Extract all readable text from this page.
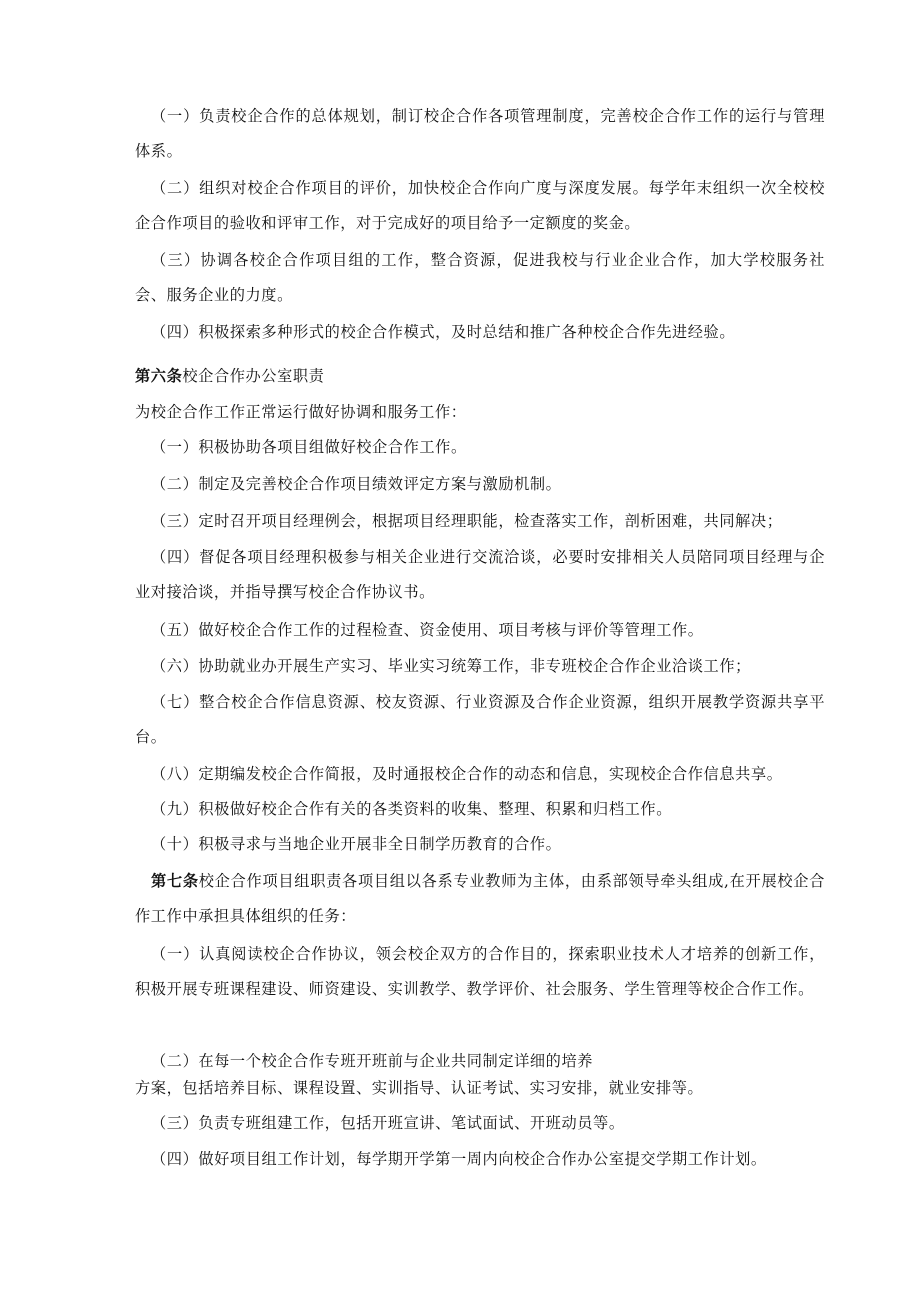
（一）负责校企合作的总体规划，制订校企合作各项管理制度，完善校企合作工作的运行与管理体系。

（二）组织对校企合作项目的评价，加快校企合作向广度与深度发展。每学年末组织一次全校校企合作项目的验收和评审工作，对于完成好的项目给予一定额度的奖金。

（三）协调各校企合作项目组的工作，整合资源，促进我校与行业企业合作，加大学校服务社会、服务企业的力度。

（四）积极探索多种形式的校企合作模式，及时总结和推广各种校企合作先进经验。

第六条校企合作办公室职责

为校企合作工作正常运行做好协调和服务工作：

（一）积极协助各项目组做好校企合作工作。

（二）制定及完善校企合作项目绩效评定方案与激励机制。

（三）定时召开项目经理例会，根据项目经理职能，检查落实工作，剖析困难，共同解决；

（四）督促各项目经理积极参与相关企业进行交流洽谈，必要时安排相关人员陪同项目经理与企业对接洽谈，并指导撰写校企合作协议书。

（五）做好校企合作工作的过程检查、资金使用、项目考核与评价等管理工作。

（六）协助就业办开展生产实习、毕业实习统筹工作，非专班校企合作企业洽谈工作；

（七）整合校企合作信息资源、校友资源、行业资源及合作企业资源，组织开展教学资源共享平台。

（八）定期编发校企合作简报，及时通报校企合作的动态和信息，实现校企合作信息共享。

（九）积极做好校企合作有关的各类资料的收集、整理、积累和归档工作。

（十）积极寻求与当地企业开展非全日制学历教育的合作。

第七条校企合作项目组职责各项目组以各系专业教师为主体，由系部领导牵头组成,在开展校企合作工作中承担具体组织的任务：

（一）认真阅读校企合作协议，领会校企双方的合作目的，探索职业技术人才培养的创新工作，积极开展专班课程建设、师资建设、实训教学、教学评价、社会服务、学生管理等校企合作工作。

（二）在每一个校企合作专班开班前与企业共同制定详细的培养

方案，包括培养目标、课程设置、实训指导、认证考试、实习安排，就业安排等。

（三）负责专班组建工作，包括开班宣讲、笔试面试、开班动员等。

（四）做好项目组工作计划，每学期开学第一周内向校企合作办公室提交学期工作计划。
